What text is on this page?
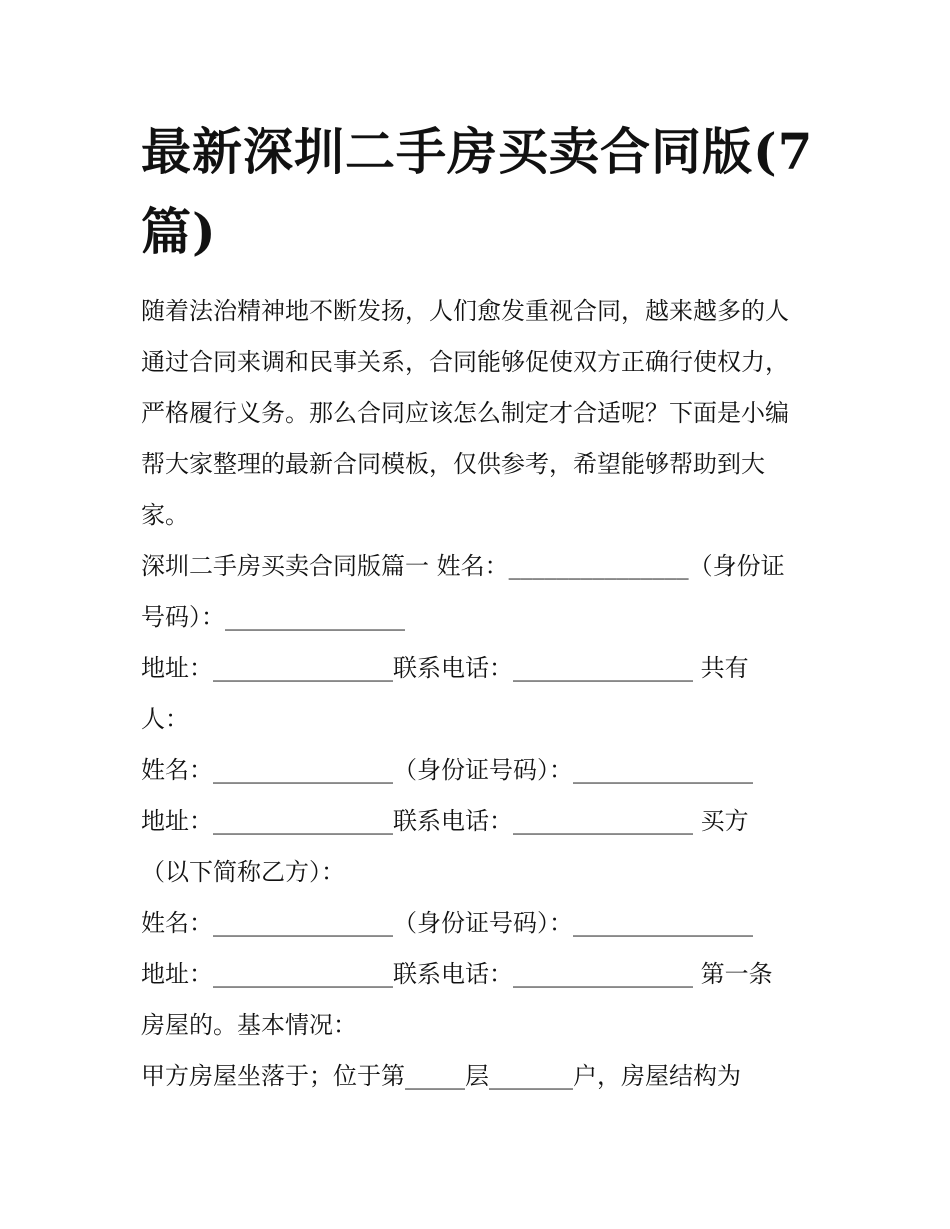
最新深圳二手房买卖合同版(7
篇)

随着法治精神地不断发扬，人们愈发重视合同，越来越多的人

通过合同来调和民事关系，合同能够促使双方正确行使权力，

严格履行义务。那么合同应该怎么制定才合适呢？下面是小编

帮大家整理的最新合同模板，仅供参考，希望能够帮助到大

家。

深圳二手房买卖合同版篇一 姓名：_______________（身份证

号码）：_______________

地址：_______________联系电话：_______________ 共有

人：

姓名：_______________（身份证号码）：_______________

地址：_______________联系电话：_______________ 买方

（以下简称乙方）：

姓名：_______________（身份证号码）：_______________

地址：_______________联系电话：_______________ 第一条

房屋的。基本情况：

甲方房屋坐落于；位于第_____层_______户，房屋结构为
